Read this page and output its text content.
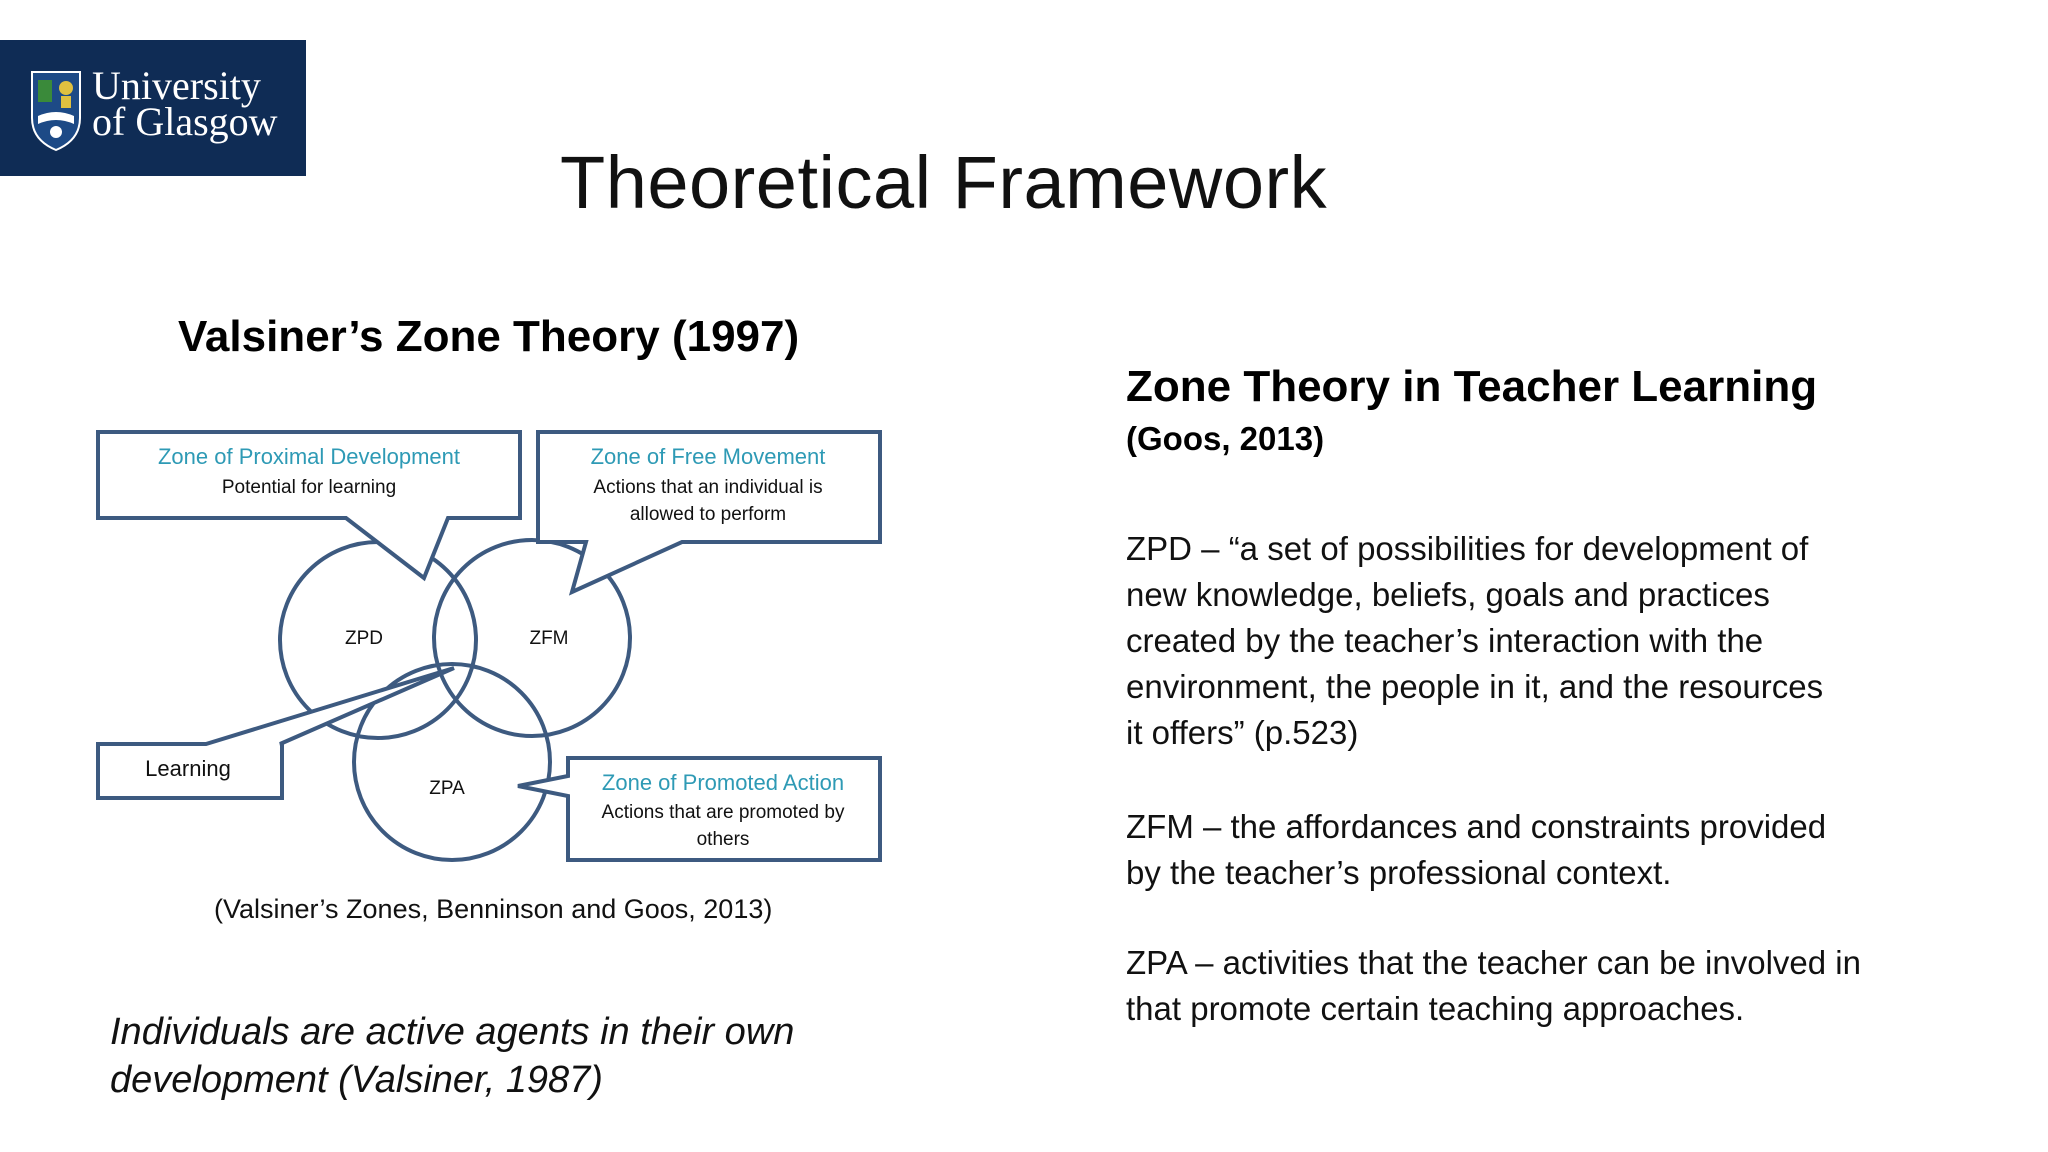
University
of Glasgow
Theoretical Framework
Valsiner’s Zone Theory (1997)
Zone of Proximal Development
Potential for learning
Zone of Free Movement
Actions that an individual is
allowed to perform
Zone of Promoted Action
Actions that are promoted by
others
Learning
ZPD	ZFM
ZPA
(Valsiner’s Zones, Benninson and Goos, 2013)
Individuals are active agents in their own
development (Valsiner, 1987)
Zone Theory in Teacher Learning
(Goos, 2013)
ZPD – “a set of possibilities for development of
new knowledge, beliefs, goals and practices
created by the teacher’s interaction with the
environment, the people in it, and the resources
it offers” (p.523)
ZFM – the affordances and constraints provided
by the teacher’s professional context.
ZPA – activities that the teacher can be involved in
that promote certain teaching approaches.
